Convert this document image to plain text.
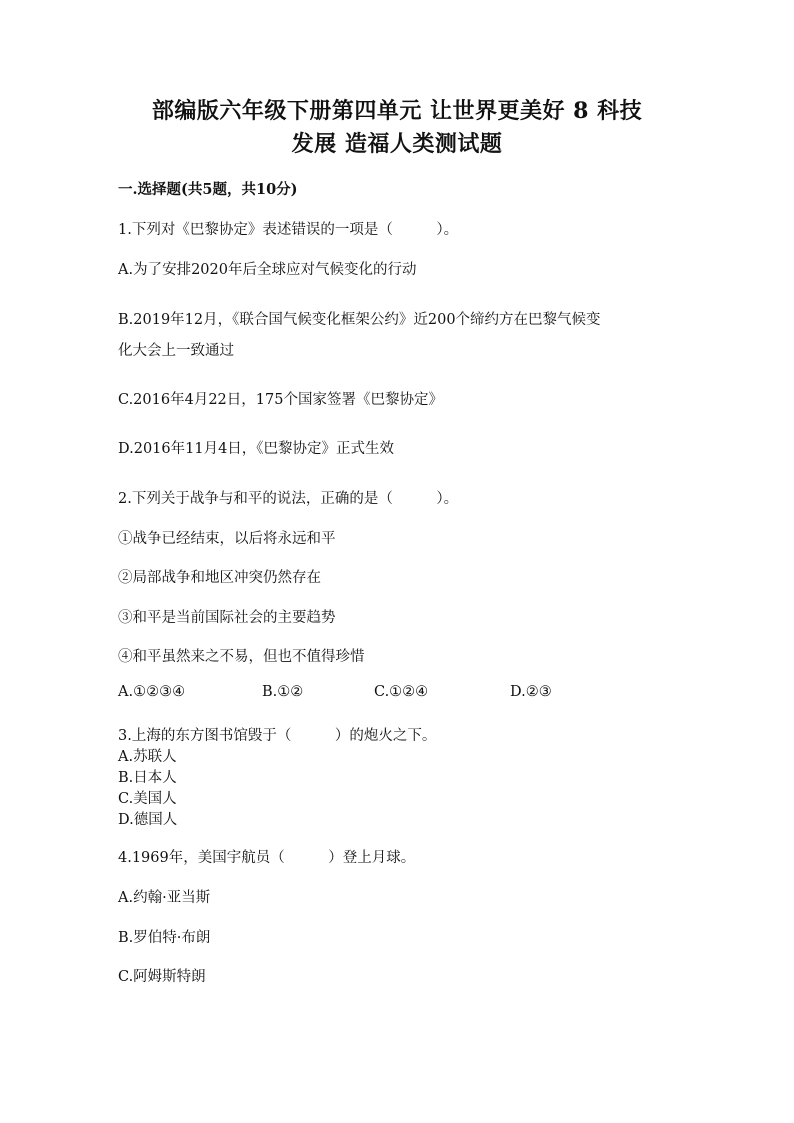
部编版六年级下册第四单元 让世界更美好 8 科技
发展 造福人类测试题
一.选择题(共5题，共10分)
1.下列对《巴黎协定》表述错误的一项是（　　　）。
A.为了安排2020年后全球应对气候变化的行动
B.2019年12月，《联合国气候变化框架公约》近200个缔约方在巴黎气候变
化大会上一致通过
C.2016年4月22日，175个国家签署《巴黎协定》
D.2016年11月4日，《巴黎协定》正式生效
2.下列关于战争与和平的说法，正确的是（　　　）。
①战争已经结束，以后将永远和平
②局部战争和地区冲突仍然存在
③和平是当前国际社会的主要趋势
④和平虽然来之不易，但也不值得珍惜
A.①②③④	B.①②	C.①②④	D.②③
3.上海的东方图书馆毁于（　　　）的炮火之下。
A.苏联人
B.日本人
C.美国人
D.德国人
4.1969年，美国宇航员（　　　）登上月球。
A.约翰·亚当斯
B.罗伯特·布朗
C.阿姆斯特朗
